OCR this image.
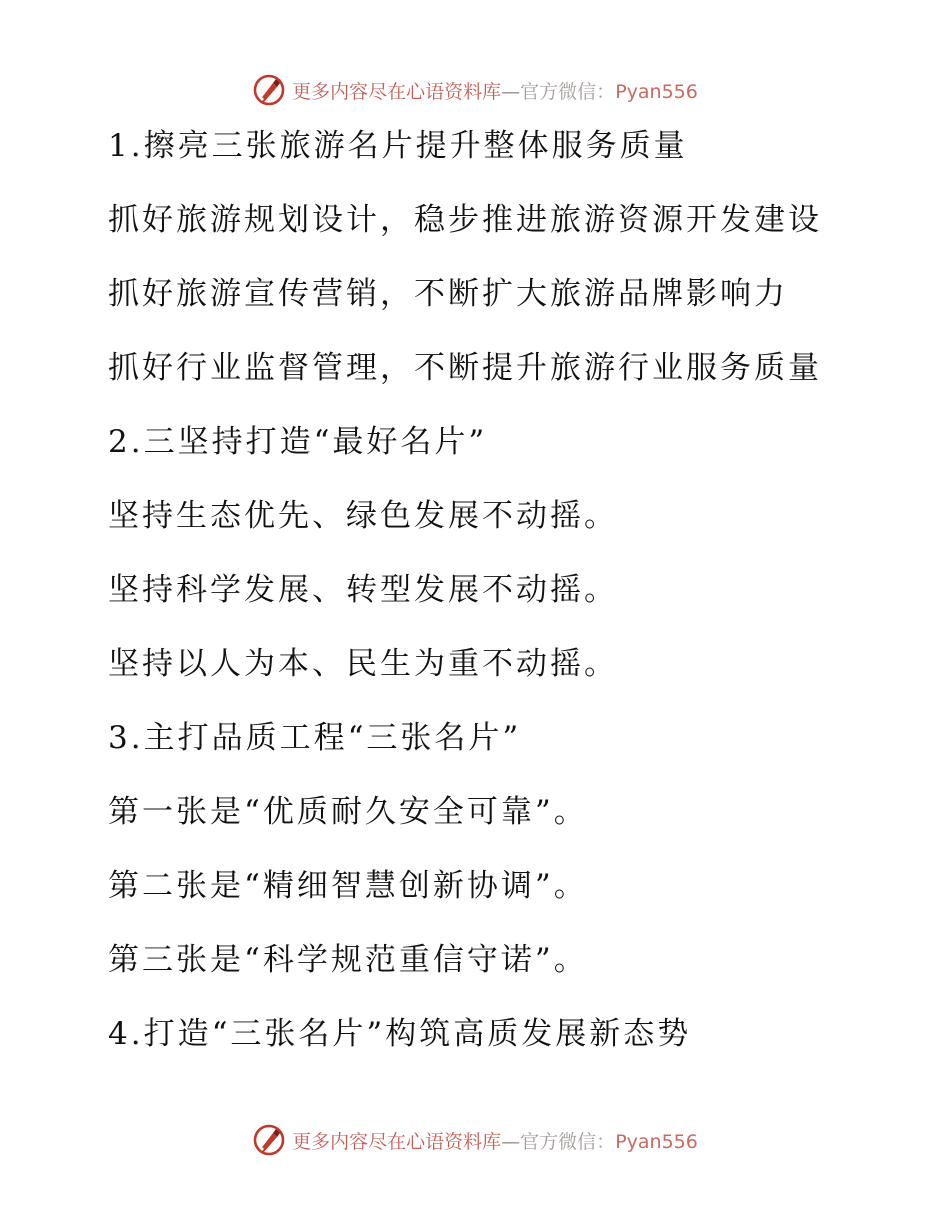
更多内容尽在心语资料库—官方微信：Pyan556
1.擦亮三张旅游名片提升整体服务质量
抓好旅游规划设计，稳步推进旅游资源开发建设
抓好旅游宣传营销，不断扩大旅游品牌影响力
抓好行业监督管理，不断提升旅游行业服务质量
2.三坚持打造“最好名片”
坚持生态优先、绿色发展不动摇。
坚持科学发展、转型发展不动摇。
坚持以人为本、民生为重不动摇。
3.主打品质工程“三张名片”
第一张是“优质耐久安全可靠”。
第二张是“精细智慧创新协调”。
第三张是“科学规范重信守诺”。
4.打造“三张名片”构筑高质发展新态势
更多内容尽在心语资料库—官方微信：Pyan556
